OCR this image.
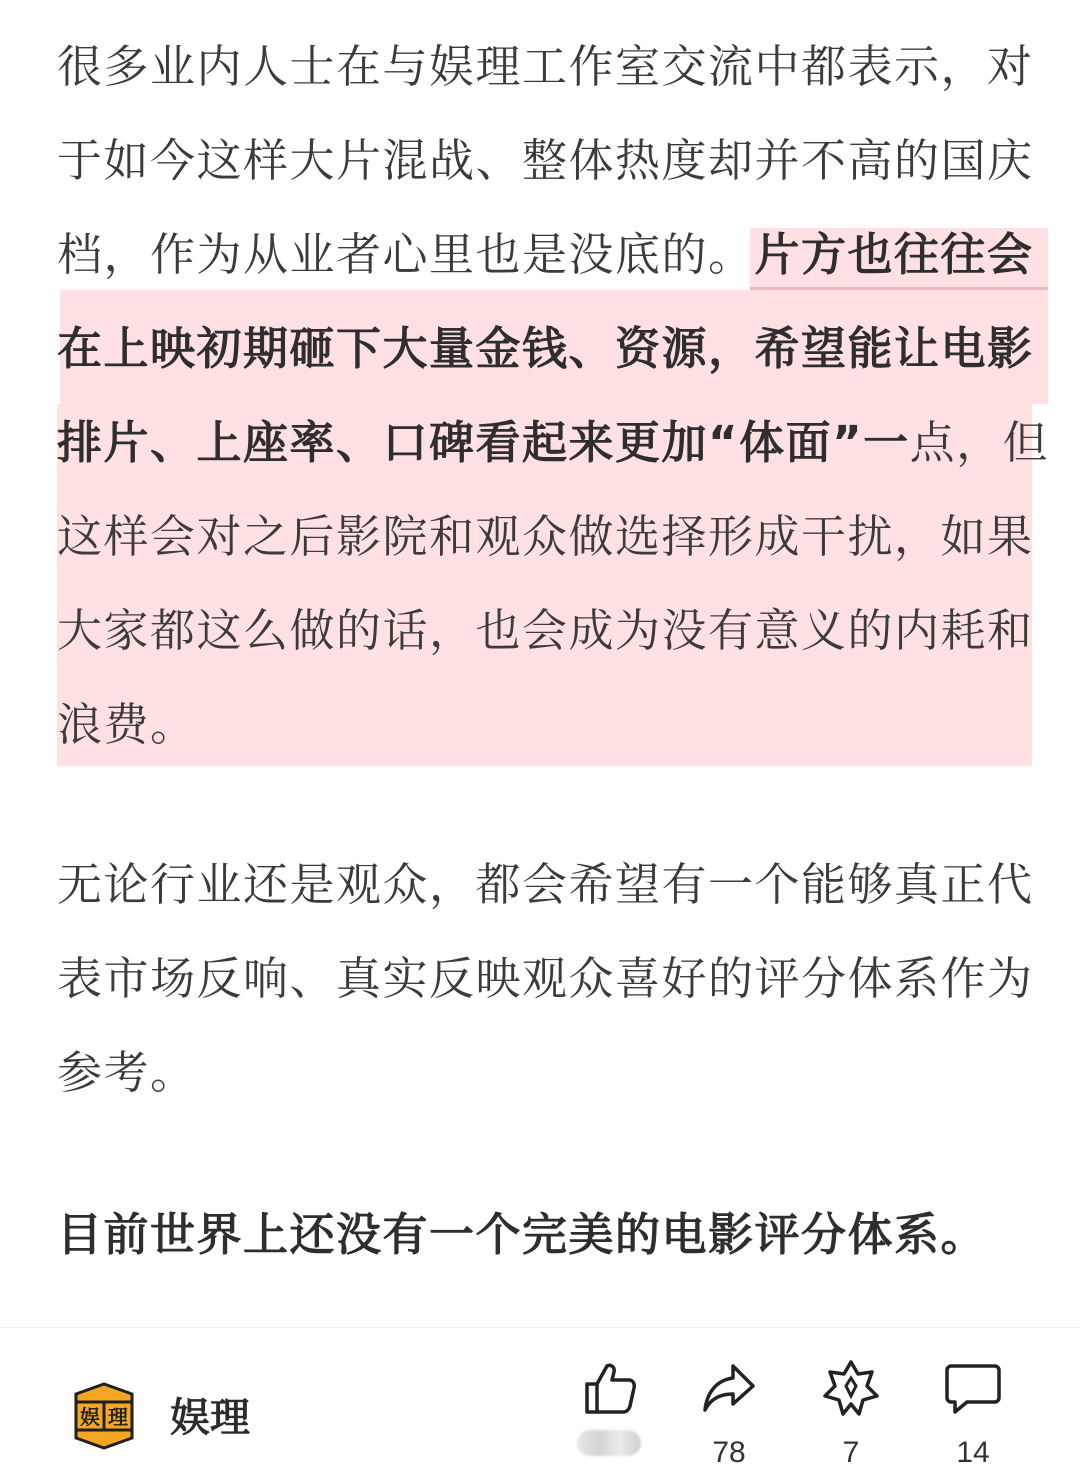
很多业内人士在与娱理工作室交流中都表示，对
于如今这样大片混战、整体热度却并不高的国庆
档，作为从业者心里也是没底的。片方也往往会
在上映初期砸下大量金钱、资源，希望能让电影
排片、上座率、口碑看起来更加“体面”一点，但
这样会对之后影院和观众做选择形成干扰，如果
大家都这么做的话，也会成为没有意义的内耗和
浪费。
无论行业还是观众，都会希望有一个能够真正代
表市场反响、真实反映观众喜好的评分体系作为
参考。
目前世界上还没有一个完美的电影评分体系。
娱 理 娱理
78	7	14
